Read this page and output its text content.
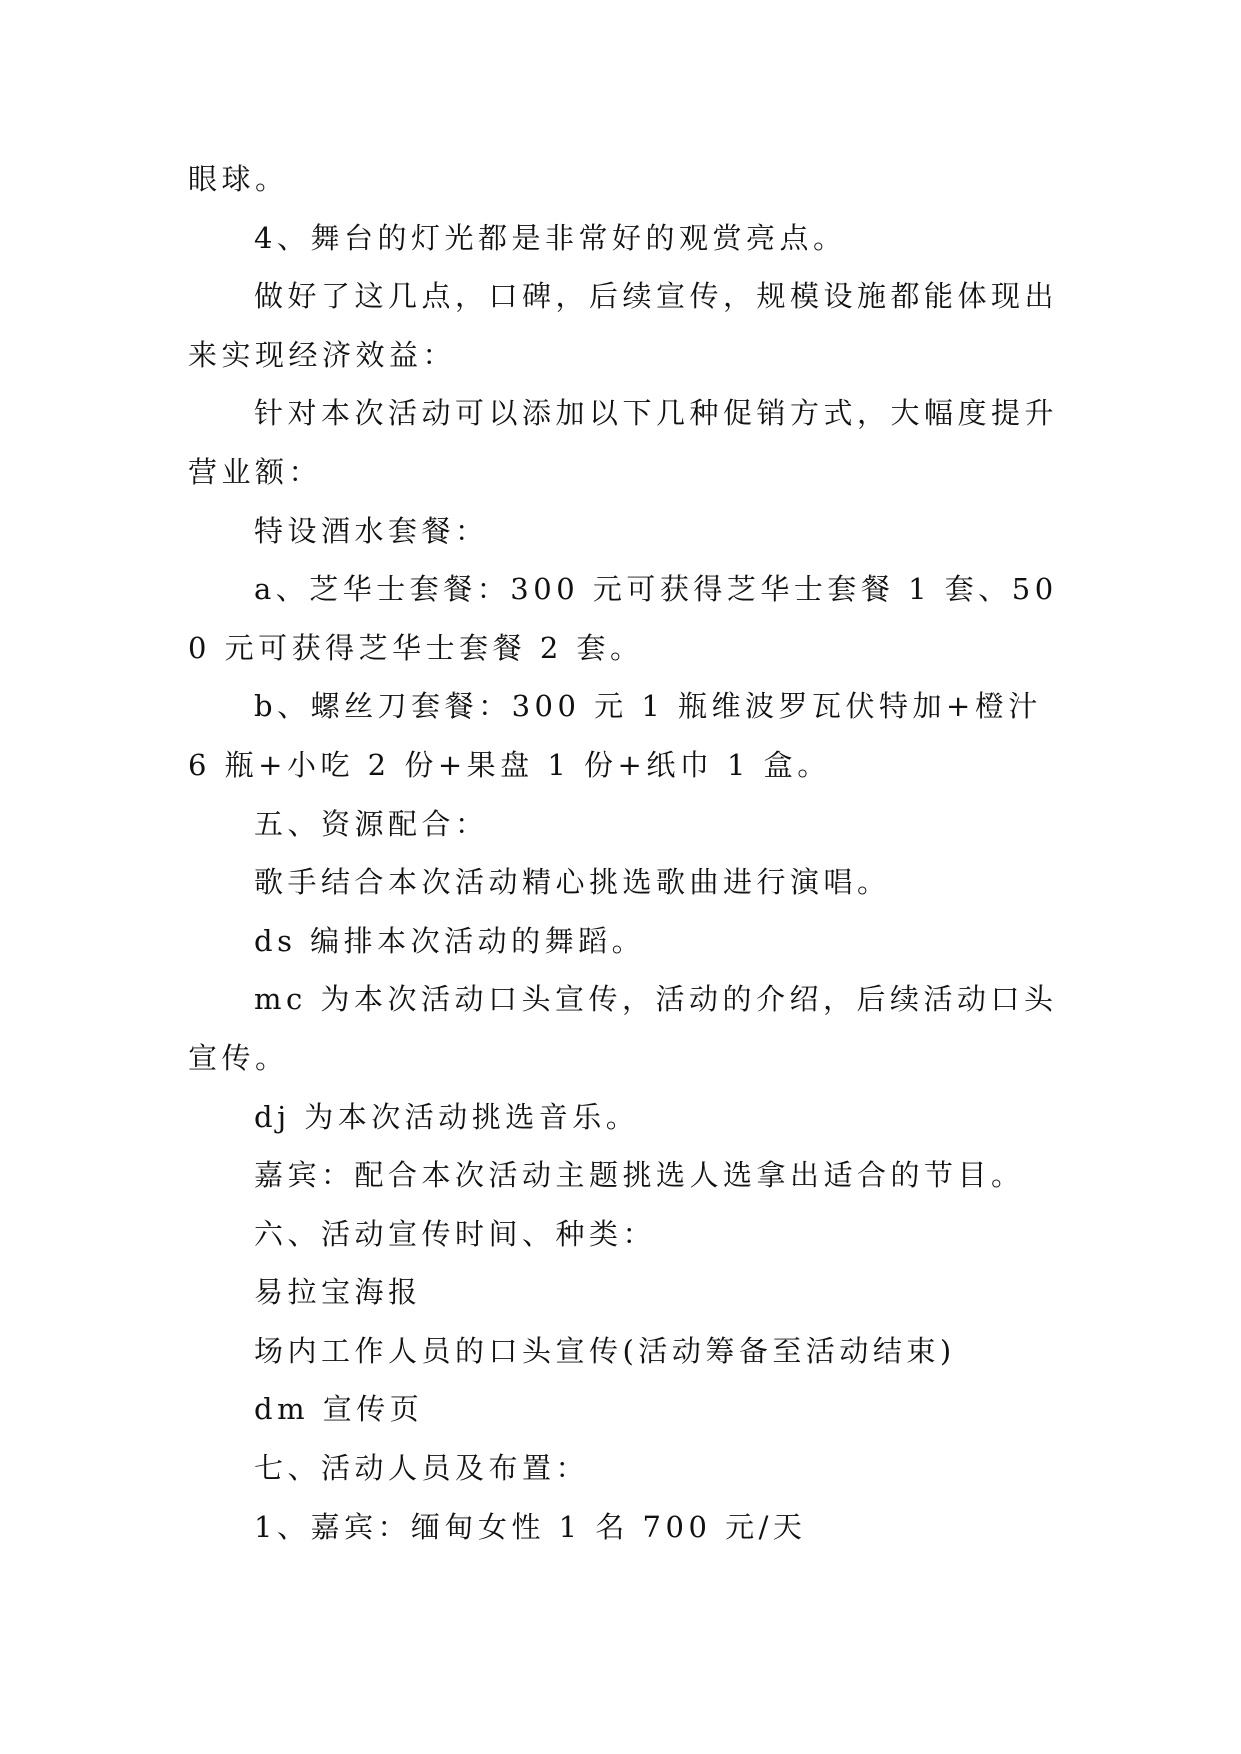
眼球。

4、舞台的灯光都是非常好的观赏亮点。

做好了这几点，口碑，后续宣传，规模设施都能体现出来实现经济效益：

针对本次活动可以添加以下几种促销方式，大幅度提升营业额：

特设酒水套餐：

a、芝华士套餐：300 元可获得芝华士套餐 1 套、500 元可获得芝华士套餐 2 套。

b、螺丝刀套餐：300 元 1 瓶维波罗瓦伏特加+橙汁 6 瓶+小吃 2 份+果盘 1 份+纸巾 1 盒。

五、资源配合：

歌手结合本次活动精心挑选歌曲进行演唱。

ds 编排本次活动的舞蹈。

mc 为本次活动口头宣传，活动的介绍，后续活动口头宣传。

dj 为本次活动挑选音乐。

嘉宾：配合本次活动主题挑选人选拿出适合的节目。

六、活动宣传时间、种类：

易拉宝海报

场内工作人员的口头宣传(活动筹备至活动结束)

dm 宣传页

七、活动人员及布置：

1、嘉宾：缅甸女性 1 名 700 元/天
